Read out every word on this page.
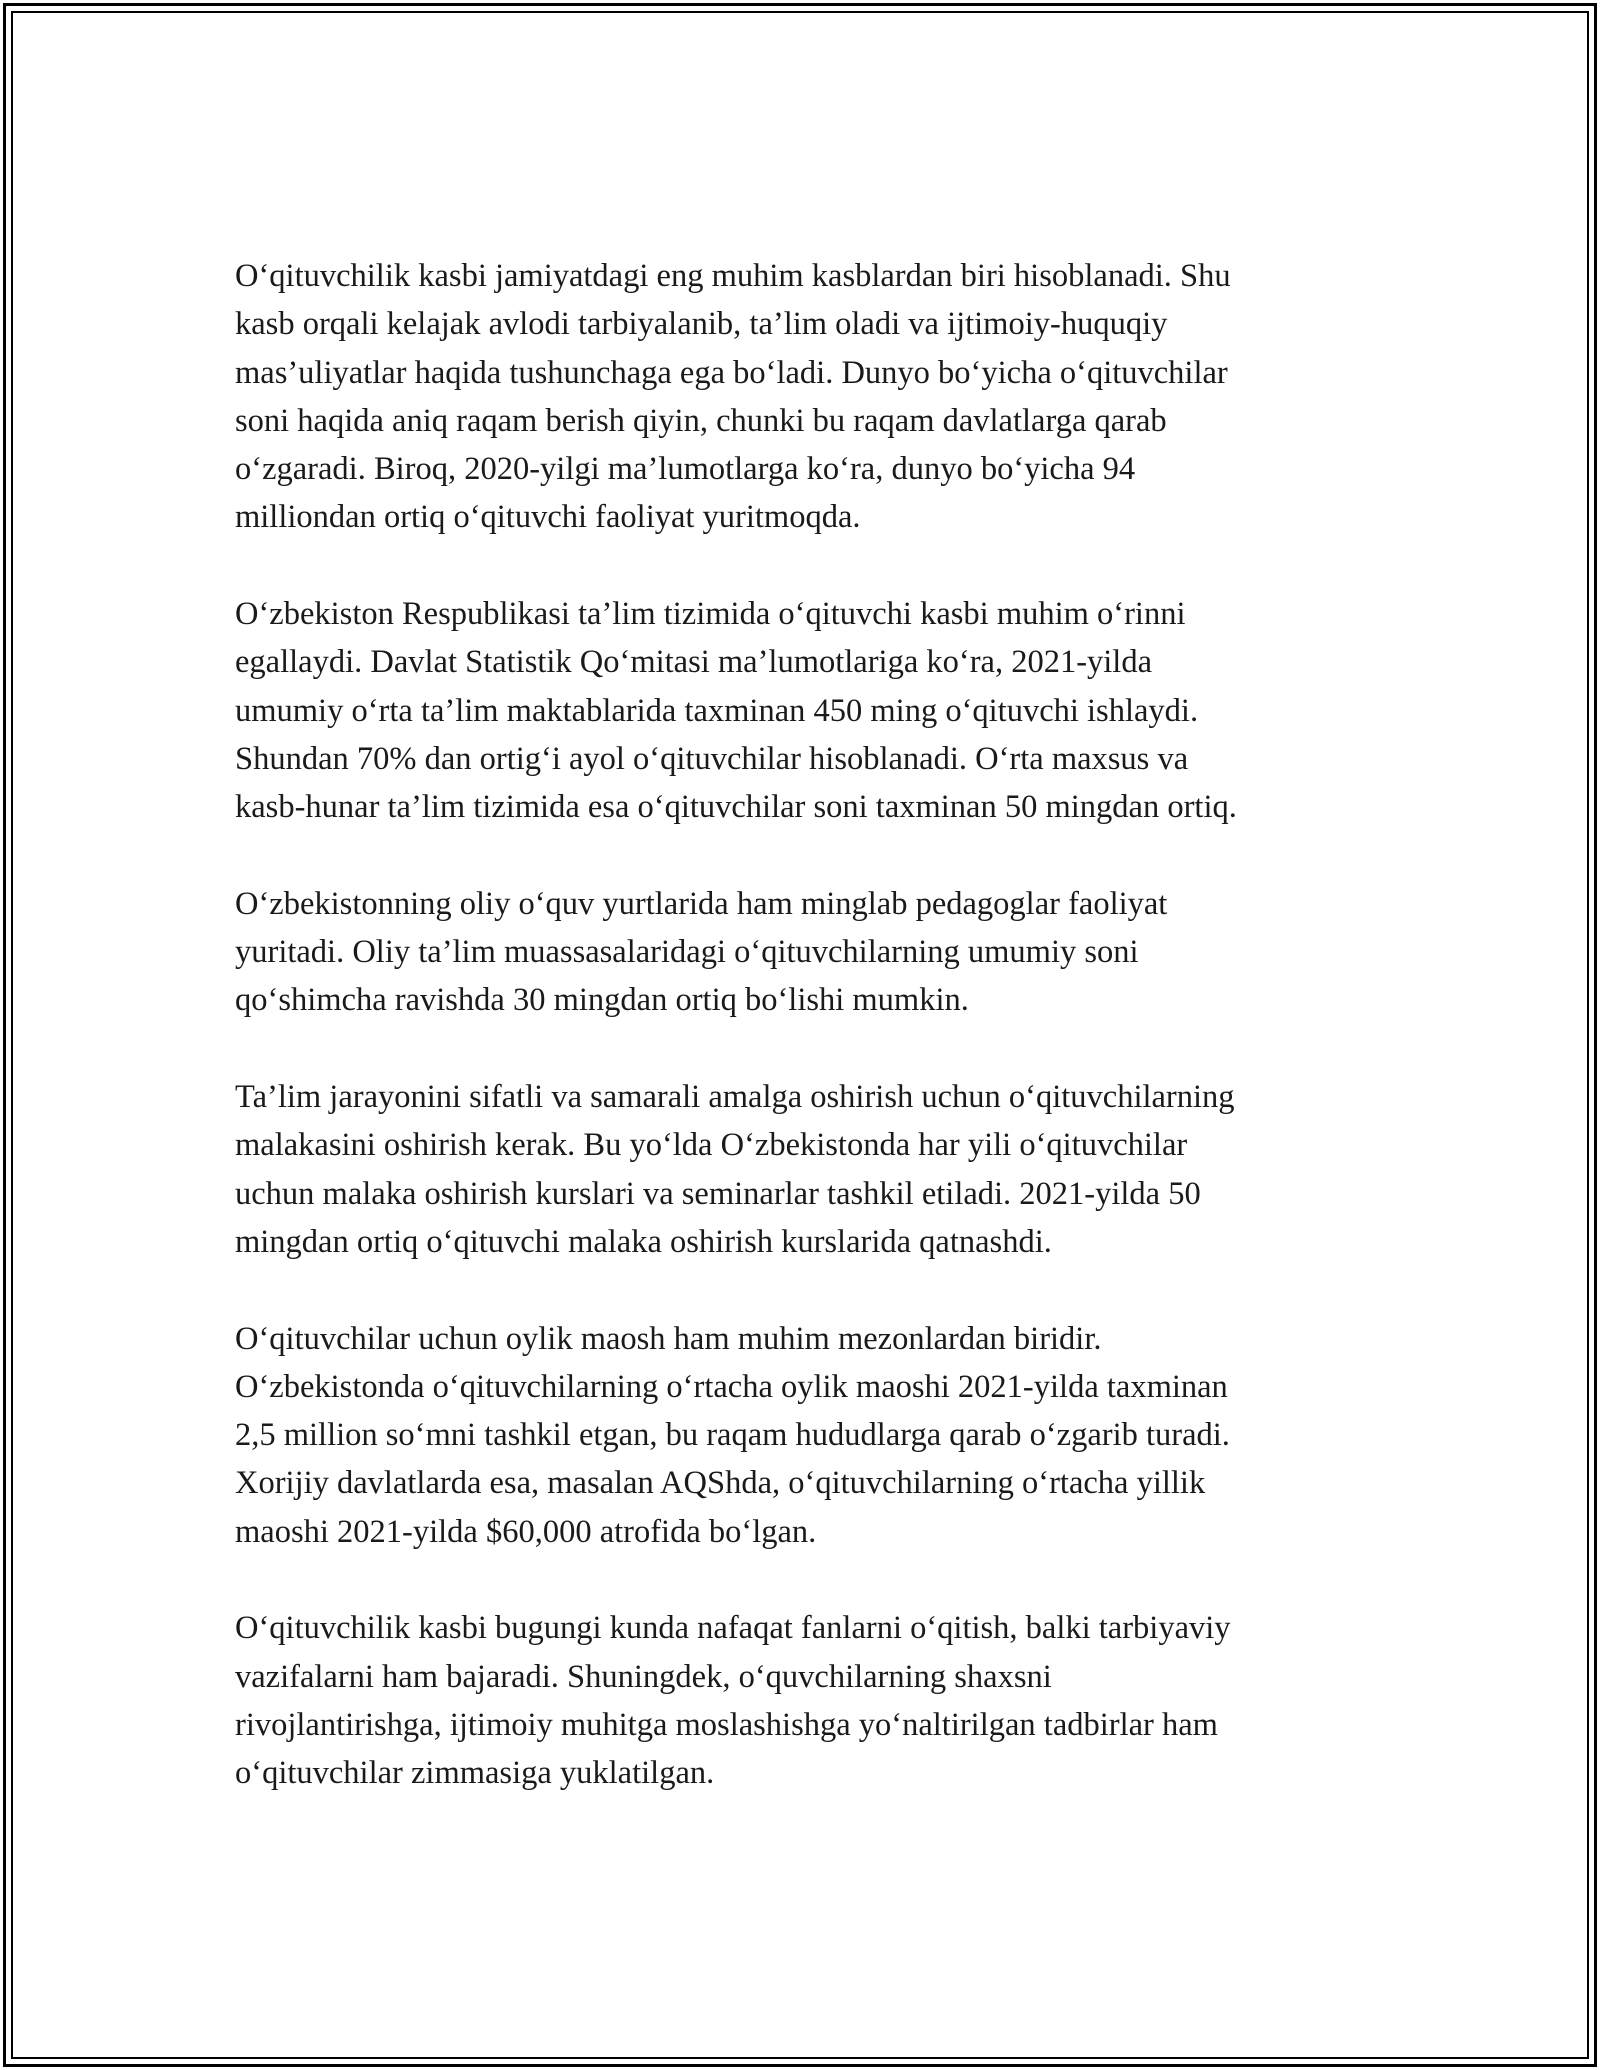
Oʻqituvchilik kasbi jamiyatdagi eng muhim kasblardan biri hisoblanadi. Shu
kasb orqali kelajak avlodi tarbiyalanib, ta’lim oladi va ijtimoiy-huquqiy
mas’uliyatlar haqida tushunchaga ega boʻladi. Dunyo boʻyicha oʻqituvchilar
soni haqida aniq raqam berish qiyin, chunki bu raqam davlatlarga qarab
oʻzgaradi. Biroq, 2020-yilgi ma’lumotlarga koʻra, dunyo boʻyicha 94
milliondan ortiq oʻqituvchi faoliyat yuritmoqda.

Oʻzbekiston Respublikasi ta’lim tizimida oʻqituvchi kasbi muhim oʻrinni
egallaydi. Davlat Statistik Qoʻmitasi ma’lumotlariga koʻra, 2021-yilda
umumiy oʻrta ta’lim maktablarida taxminan 450 ming oʻqituvchi ishlaydi.
Shundan 70% dan ortigʻi ayol oʻqituvchilar hisoblanadi. Oʻrta maxsus va
kasb-hunar ta’lim tizimida esa oʻqituvchilar soni taxminan 50 mingdan ortiq.

Oʻzbekistonning oliy oʻquv yurtlarida ham minglab pedagoglar faoliyat
yuritadi. Oliy ta’lim muassasalaridagi oʻqituvchilarning umumiy soni
qoʻshimcha ravishda 30 mingdan ortiq boʻlishi mumkin.

Ta’lim jarayonini sifatli va samarali amalga oshirish uchun oʻqituvchilarning
malakasini oshirish kerak. Bu yoʻlda Oʻzbekistonda har yili oʻqituvchilar
uchun malaka oshirish kurslari va seminarlar tashkil etiladi. 2021-yilda 50
mingdan ortiq oʻqituvchi malaka oshirish kurslarida qatnashdi.

Oʻqituvchilar uchun oylik maosh ham muhim mezonlardan biridir.
Oʻzbekistonda oʻqituvchilarning oʻrtacha oylik maoshi 2021-yilda taxminan
2,5 million soʻmni tashkil etgan, bu raqam hududlarga qarab oʻzgarib turadi.
Xorijiy davlatlarda esa, masalan AQShda, oʻqituvchilarning oʻrtacha yillik
maoshi 2021-yilda $60,000 atrofida boʻlgan.

Oʻqituvchilik kasbi bugungi kunda nafaqat fanlarni oʻqitish, balki tarbiyaviy
vazifalarni ham bajaradi. Shuningdek, oʻquvchilarning shaxsni
rivojlantirishga, ijtimoiy muhitga moslashishga yoʻnaltirilgan tadbirlar ham
oʻqituvchilar zimmasiga yuklatilgan.
